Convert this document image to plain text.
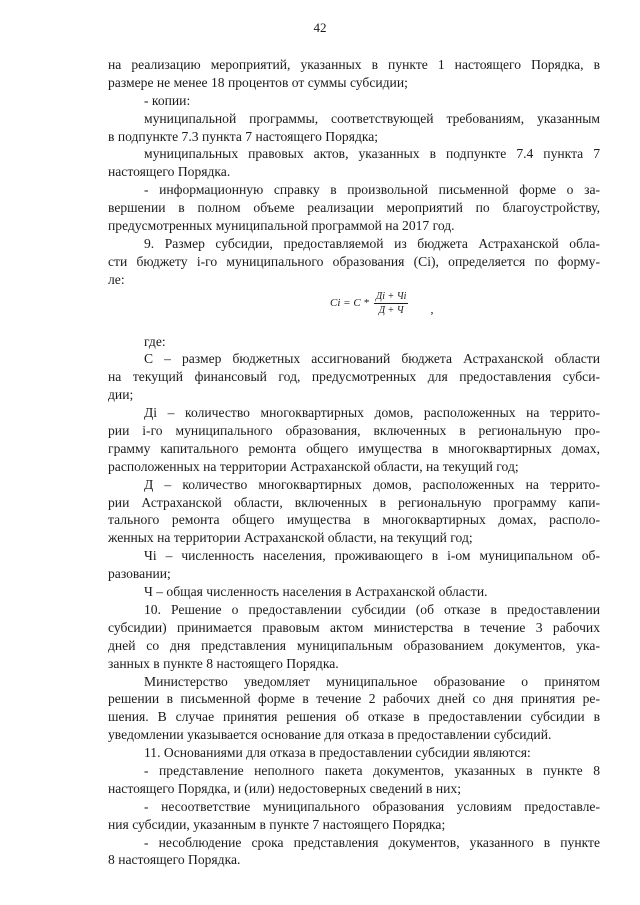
42
на реализацию мероприятий, указанных в пункте 1 настоящего Порядка, в
размере не менее 18 процентов от суммы субсидии;
- копии:
муниципальной программы, соответствующей требованиям, указанным
в подпункте 7.3 пункта 7 настоящего Порядка;
муниципальных правовых актов, указанных в подпункте 7.4 пункта 7
настоящего Порядка.
- информационную справку в произвольной письменной форме о за-
вершении в полном объеме реализации мероприятий по благоустройству,
предусмотренных муниципальной программой на 2017 год.
9. Размер субсидии, предоставляемой из бюджета Астраханской обла-
сти бюджету i-го муниципального образования (Сi), определяется по форму-
ле:
Сi = С * $\frac{Дi + Чi}{Д + Ч}$ ,
где:
С – размер бюджетных ассигнований бюджета Астраханской области
на текущий финансовый год, предусмотренных для предоставления субси-
дии;
Дi – количество многоквартирных домов, расположенных на террито-
рии i-го муниципального образования, включенных в региональную про-
грамму капитального ремонта общего имущества в многоквартирных домах,
расположенных на территории Астраханской области, на текущий год;
Д – количество многоквартирных домов, расположенных на террито-
рии Астраханской области, включенных в региональную программу капи-
тального ремонта общего имущества в многоквартирных домах, располо-
женных на территории Астраханской области, на текущий год;
Чi – численность населения, проживающего в i-ом муниципальном об-
разовании;
Ч – общая численность населения в Астраханской области.
10. Решение о предоставлении субсидии (об отказе в предоставлении
субсидии) принимается правовым актом министерства в течение 3 рабочих
дней со дня представления муниципальным образованием документов, ука-
занных в пункте 8 настоящего Порядка.
Министерство уведомляет муниципальное образование о принятом
решении в письменной форме в течение 2 рабочих дней со дня принятия ре-
шения. В случае принятия решения об отказе в предоставлении субсидии в
уведомлении указывается основание для отказа в предоставлении субсидий.
11. Основаниями для отказа в предоставлении субсидии являются:
- представление неполного пакета документов, указанных в пункте 8
настоящего Порядка, и (или) недостоверных сведений в них;
- несоответствие муниципального образования условиям предоставле-
ния субсидии, указанным в пункте 7 настоящего Порядка;
- несоблюдение срока представления документов, указанного в пункте
8 настоящего Порядка.
